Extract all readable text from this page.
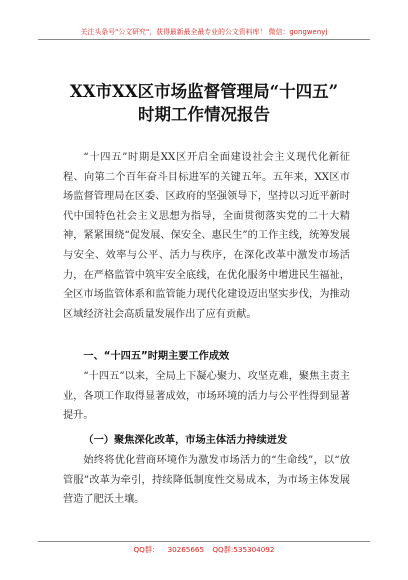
关注头条号"公文研究"，获得最新最全最专业的公文资料库！ 微信：gongwenyj
XX市XX区市场监督管理局“十四五”
时期工作情况报告
“十四五”时期是XX区开启全面建设社会主义现代化新征程、向第二个百年奋斗目标进军的关键五年。五年来，XX区市场监督管理局在区委、区政府的坚强领导下，坚持以习近平新时代中国特色社会主义思想为指导，全面贯彻落实党的二十大精神，紧紧围绕“促发展、保安全、惠民生”的工作主线，统筹发展与安全、效率与公平、活力与秩序，在深化改革中激发市场活力，在严格监管中筑牢安全底线，在优化服务中增进民生福祉，全区市场监管体系和监管能力现代化建设迈出坚实步伐，为推动区域经济社会高质量发展作出了应有贡献。
一、“十四五”时期主要工作成效
“十四五”以来，全局上下凝心聚力、攻坚克难，聚焦主责主业，各项工作取得显著成效，市场环境的活力与公平性得到显著提升。
（一）聚焦深化改革，市场主体活力持续迸发
始终将优化营商环境作为激发市场活力的“生命线”，以“放管服”改革为牵引，持续降低制度性交易成本，为市场主体发展营造了肥沃土壤。
QQ群： 30265665 QQ群:535304092
